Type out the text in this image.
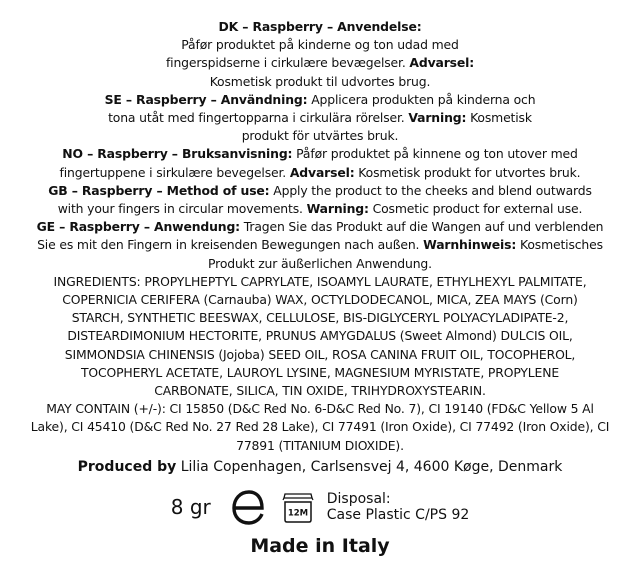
DK – Raspberry – Anvendelse:
Påfør produktet på kinderne og ton udad med
fingerspidserne i cirkulære bevægelser. Advarsel:
Kosmetisk produkt til udvortes brug.
SE – Raspberry – Användning: Applicera produkten på kinderna och
tona utåt med fingertopparna i cirkulära rörelser. Varning: Kosmetisk
produkt för utvärtes bruk.
NO – Raspberry – Bruksanvisning: Påfør produktet på kinnene og ton utover med
fingertuppene i sirkulære bevegelser. Advarsel: Kosmetisk produkt for utvortes bruk.
GB – Raspberry – Method of use: Apply the product to the cheeks and blend outwards
with your fingers in circular movements. Warning: Cosmetic product for external use.
GE – Raspberry – Anwendung: Tragen Sie das Produkt auf die Wangen auf und verblenden
Sie es mit den Fingern in kreisenden Bewegungen nach außen. Warnhinweis: Kosmetisches
Produkt zur äußerlichen Anwendung.
INGREDIENTS: PROPYLHEPTYL CAPRYLATE, ISOAMYL LAURATE, ETHYLHEXYL PALMITATE,
COPERNICIA CERIFERA (Carnauba) WAX, OCTYLDODECANOL, MICA, ZEA MAYS (Corn)
STARCH, SYNTHETIC BEESWAX, CELLULOSE, BIS-DIGLYCERYL POLYACYLADIPATE-2,
DISTEARDIMONIUM HECTORITE, PRUNUS AMYGDALUS (Sweet Almond) DULCIS OIL,
SIMMONDSIA CHINENSIS (Jojoba) SEED OIL, ROSA CANINA FRUIT OIL, TOCOPHEROL,
TOCOPHERYL ACETATE, LAUROYL LYSINE, MAGNESIUM MYRISTATE, PROPYLENE
CARBONATE, SILICA, TIN OXIDE, TRIHYDROXYSTEARIN.
MAY CONTAIN (+/-): CI 15850 (D&C Red No. 6-D&C Red No. 7), CI 19140 (FD&C Yellow 5 Al
Lake), CI 45410 (D&C Red No. 27 Red 28 Lake), CI 77491 (Iron Oxide), CI 77492 (Iron Oxide), CI
77891 (TITANIUM DIOXIDE).
Produced by Lilia Copenhagen, Carlsensvej 4, 4600 Køge, Denmark
8 gr	12M
Disposal:
Case Plastic C/PS 92
Made in Italy
